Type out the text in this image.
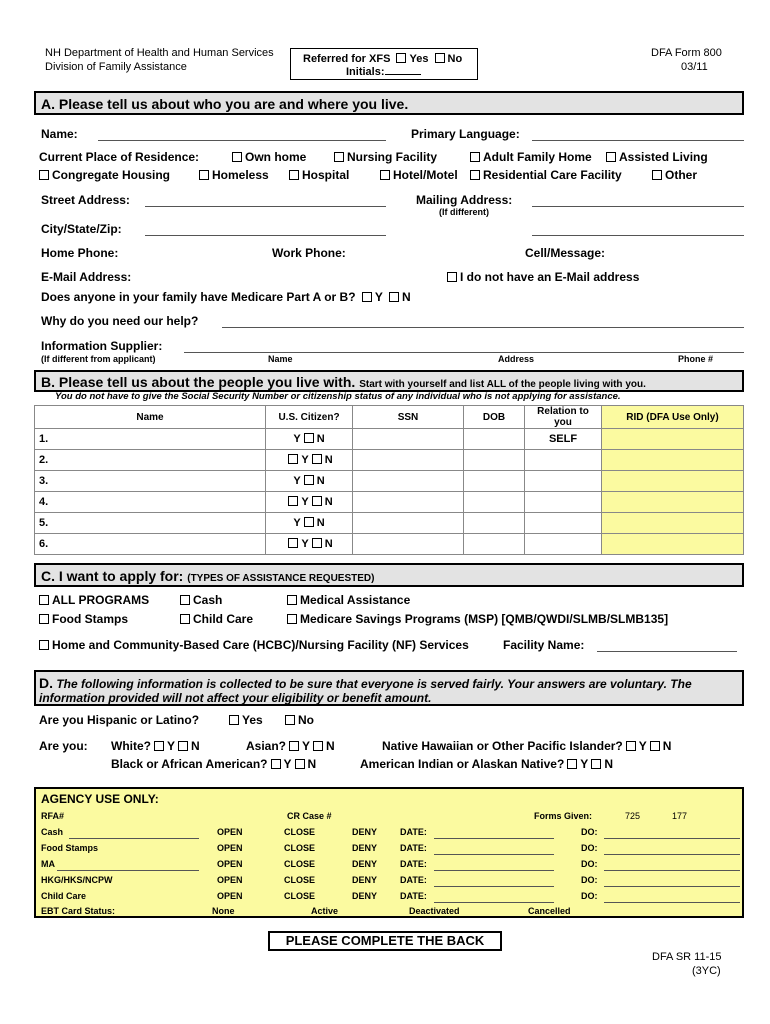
NH Department of Health and Human Services
Division of Family Assistance
Referred for XFS Yes No
Initials:
DFA Form 800
03/11
A. Please tell us about who you are and where you live.
Name:	Primary Language:
Current Place of Residence:	Own home	Nursing Facility	Adult Family Home	Assisted Living
Congregate Housing	Homeless	Hospital	Hotel/Motel	Residential Care Facility	Other
Street Address:	Mailing Address:
(If different)
City/State/Zip:
Home Phone:	Work Phone:	Cell/Message:
E-Mail Address:	I do not have an E-Mail address
Does anyone in your family have Medicare Part A or B? Y N
Why do you need our help?
Information Supplier:
(If different from applicant)	Name	Address	Phone #
B. Please tell us about the people you live with. Start with yourself and list ALL of the people living with you.
You do not have to give the Social Security Number or citizenship status of any individual who is not applying for assistance.
Name	U.S. Citizen?	SSN	DOB	Relation to you	RID (DFA Use Only)
1.	Y N			SELF	
2.	Y N				
3.	Y N				
4.	Y N				
5.	Y N				
6.	Y N				
C. I want to apply for: (TYPES OF ASSISTANCE REQUESTED)
ALL PROGRAMS	Cash	Medical Assistance
Food Stamps	Child Care	Medicare Savings Programs (MSP) [QMB/QWDI/SLMB/SLMB135]
Home and Community-Based Care (HCBC)/Nursing Facility (NF) Services	Facility Name:
D. The following information is collected to be sure that everyone is served fairly. Your answers are voluntary. The
information provided will not affect your eligibility or benefit amount.
Are you Hispanic or Latino?	Yes	No
Are you: White? Y N	Asian? Y N	Native Hawaiian or Other Pacific Islander? Y N
Black or African American? Y N	American Indian or Alaskan Native? Y N
AGENCY USE ONLY:
RFA#	CR Case #	Forms Given:	725	177
Cash	OPEN	CLOSE	DENY	DATE:	DO:
Food Stamps	OPEN	CLOSE	DENY	DATE:	DO:
MA	OPEN	CLOSE	DENY	DATE:	DO:
HKG/HKS/NCPW	OPEN	CLOSE	DENY	DATE:	DO:
Child Care	OPEN	CLOSE	DENY	DATE:	DO:
EBT Card Status:	None	Active	Deactivated	Cancelled
PLEASE COMPLETE THE BACK
DFA SR 11-15
(3YC)
